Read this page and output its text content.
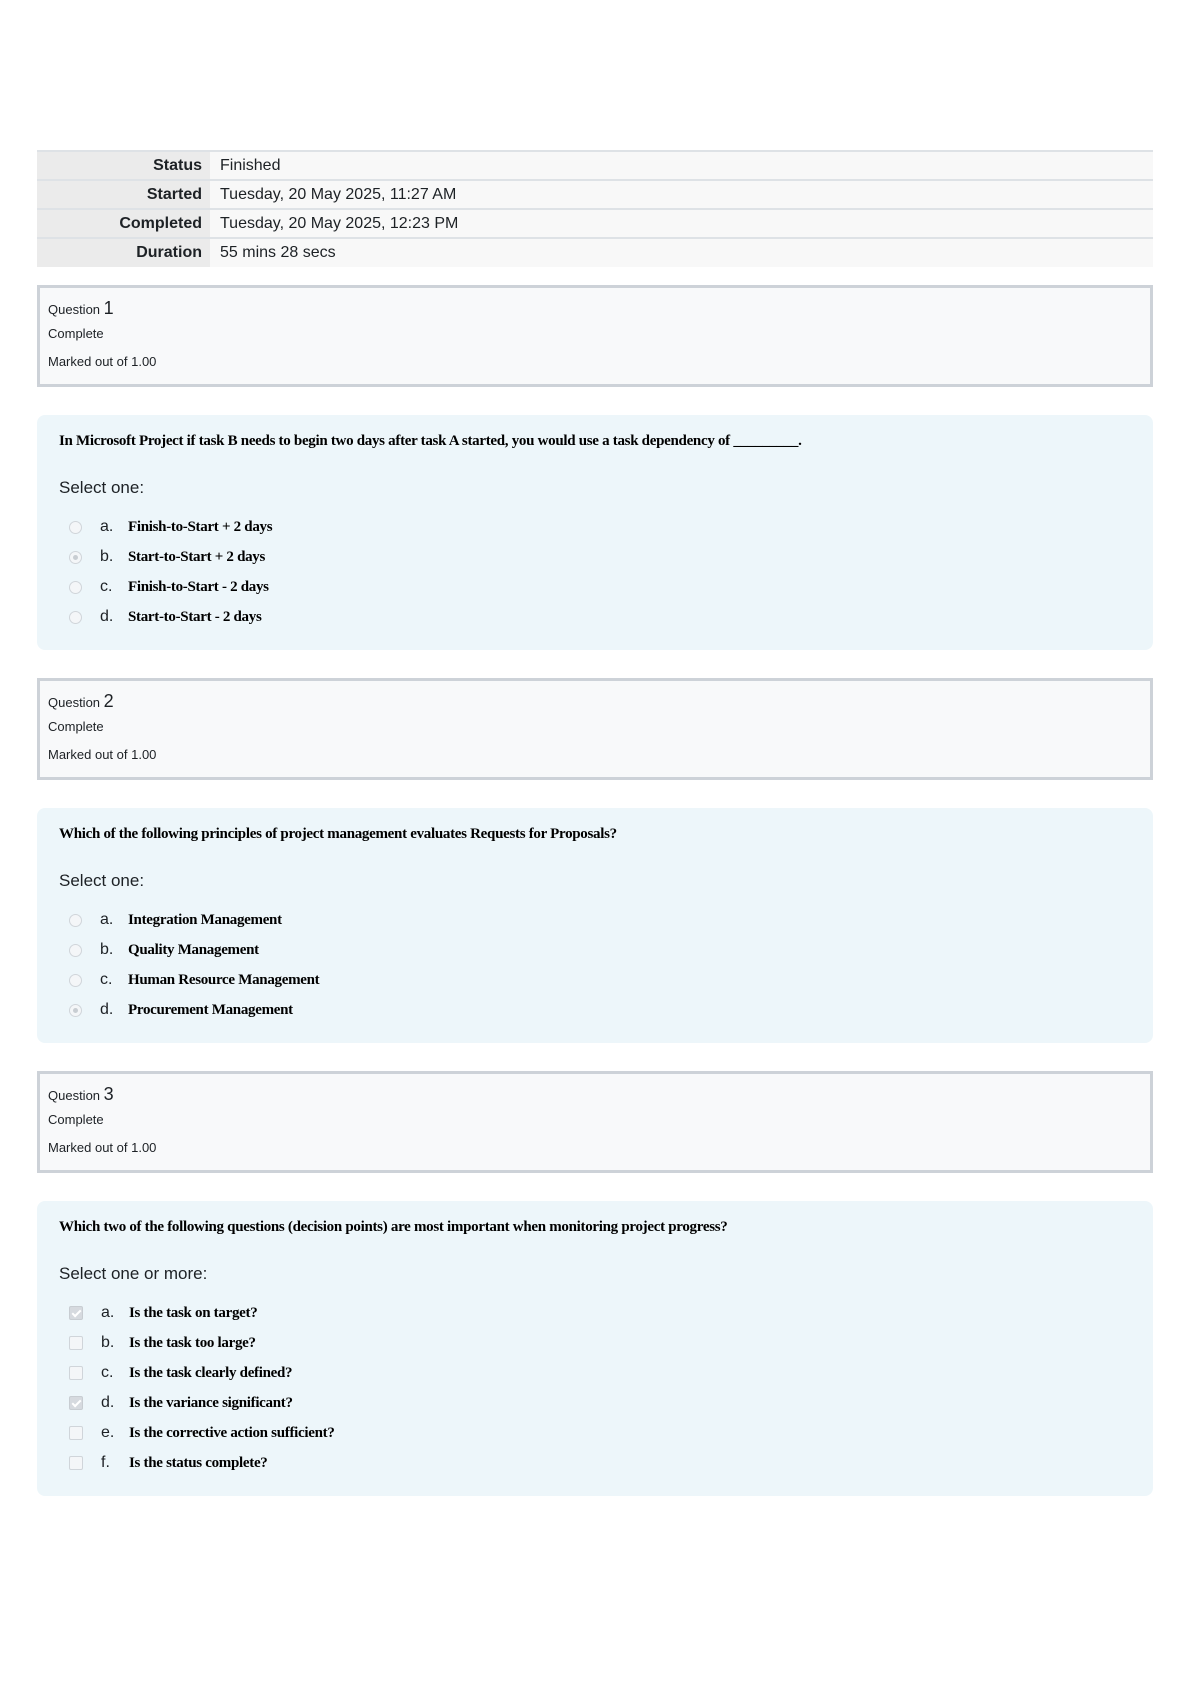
Status	Finished
Started	Tuesday, 20 May 2025, 11:27 AM
Completed	Tuesday, 20 May 2025, 12:23 PM
Duration	55 mins 28 secs
Question 1
Complete
Marked out of 1.00
In Microsoft Project if task B needs to begin two days after task A started, you would use a task dependency of _________.
Select one:
a. Finish-to-Start + 2 days
b. Start-to-Start + 2 days
c.	Finish-to-Start - 2 days
d. Start-to-Start - 2 days
Question 2
Complete
Marked out of 1.00
Which of the following principles of project management evaluates Requests for Proposals?
Select one:
a. Integration Management
b. Quality Management
c.	Human Resource Management
d. Procurement Management
Question 3
Complete
Marked out of 1.00
Which two of the following questions (decision points) are most important when monitoring project progress?
Select one or more:
a. Is the task on target?
b. Is the task too large?
c.	Is the task clearly defined?
d. Is the variance significant?
e. Is the corrective action sufficient?
f.	Is the status complete?
